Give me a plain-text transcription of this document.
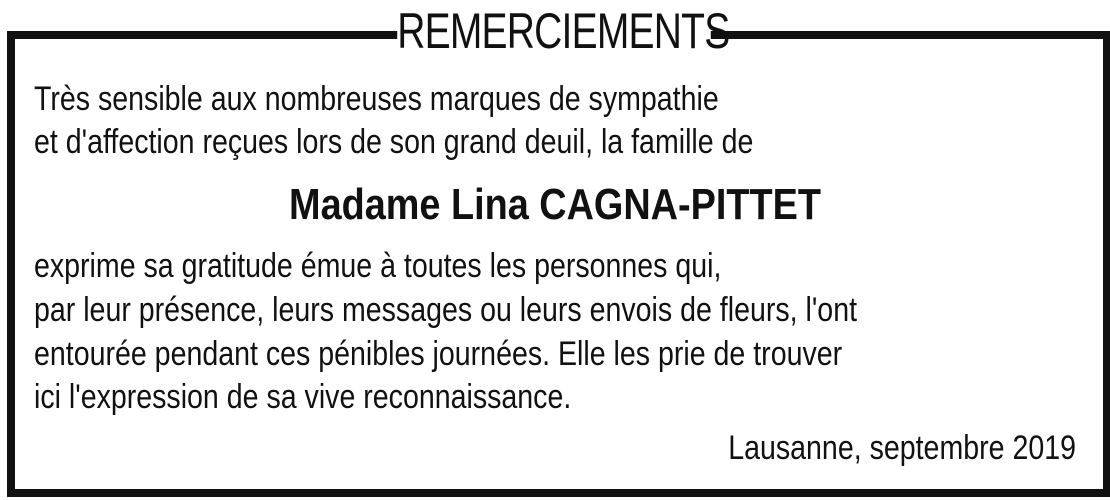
REMERCIEMENTS
Très sensible aux nombreuses marques de sympathie
et d'affection reçues lors de son grand deuil, la famille de
Madame Lina CAGNA-PITTET
exprime sa gratitude émue à toutes les personnes qui,
par leur présence, leurs messages ou leurs envois de fleurs, l'ont
entourée pendant ces pénibles journées. Elle les prie de trouver
ici l'expression de sa vive reconnaissance.
Lausanne, septembre 2019
